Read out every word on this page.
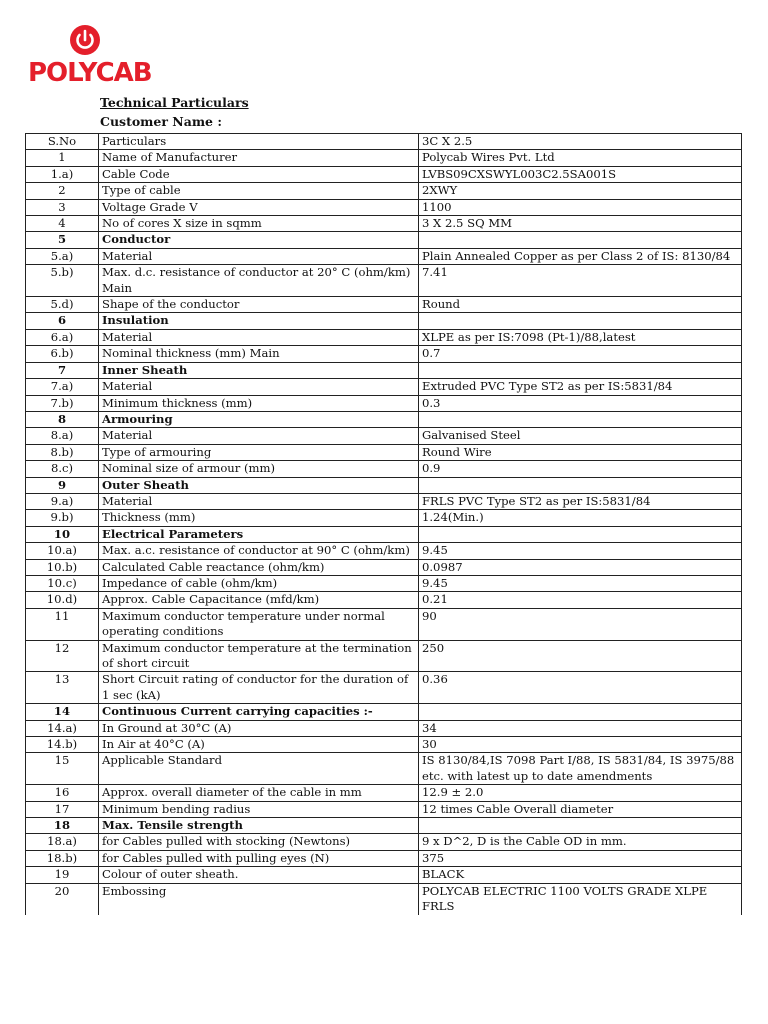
POLYCAB
Technical Particulars
Customer Name :
S.No	Particulars	3C X 2.5
1	Name of Manufacturer	Polycab Wires Pvt. Ltd
1.a)	Cable Code	LVBS09CXSWYL003C2.5SA001S
2	Type of cable	2XWY
3	Voltage Grade V	1100
4	No of cores X size in sqmm	3 X 2.5 SQ MM
5	Conductor	
5.a)	Material	Plain Annealed Copper as per Class 2 of IS: 8130/84
5.b)	Max. d.c. resistance of conductor at 20° C (ohm/km) Main	7.41
5.d)	Shape of the conductor	Round
6	Insulation	
6.a)	Material	XLPE as per IS:7098 (Pt-1)/88,latest
6.b)	Nominal thickness (mm) Main	0.7
7	Inner Sheath	
7.a)	Material	Extruded PVC Type ST2 as per IS:5831/84
7.b)	Minimum thickness (mm)	0.3
8	Armouring	
8.a)	Material	Galvanised Steel
8.b)	Type of armouring	Round Wire
8.c)	Nominal size of armour (mm)	0.9
9	Outer Sheath	
9.a)	Material	FRLS PVC Type ST2 as per IS:5831/84
9.b)	Thickness (mm)	1.24(Min.)
10	Electrical Parameters	
10.a)	Max. a.c. resistance of conductor at 90° C (ohm/km)	9.45
10.b)	Calculated Cable reactance (ohm/km)	0.0987
10.c)	Impedance of cable (ohm/km)	9.45
10.d)	Approx. Cable Capacitance (mfd/km)	0.21
11	Maximum conductor temperature under normal operating conditions	90
12	Maximum conductor temperature at the termination of short circuit	250
13	Short Circuit rating of conductor for the duration of 1 sec (kA)	0.36
14	Continuous Current carrying capacities :-	
14.a)	In Ground at 30°C (A)	34
14.b)	In Air at 40°C (A)	30
15	Applicable Standard	IS 8130/84,IS 7098 Part I/88, IS 5831/84, IS 3975/88 etc. with latest up to date amendments
16	Approx. overall diameter of the cable in mm	12.9 ± 2.0
17	Minimum bending radius	12 times Cable Overall diameter
18	Max. Tensile strength	
18.a)	for Cables pulled with stocking (Newtons)	9 x D^2, D is the Cable OD in mm.
18.b)	for Cables pulled with pulling eyes (N)	375
19	Colour of outer sheath.	BLACK
20	Embossing	POLYCAB ELECTRIC 1100 VOLTS GRADE XLPE FRLS
